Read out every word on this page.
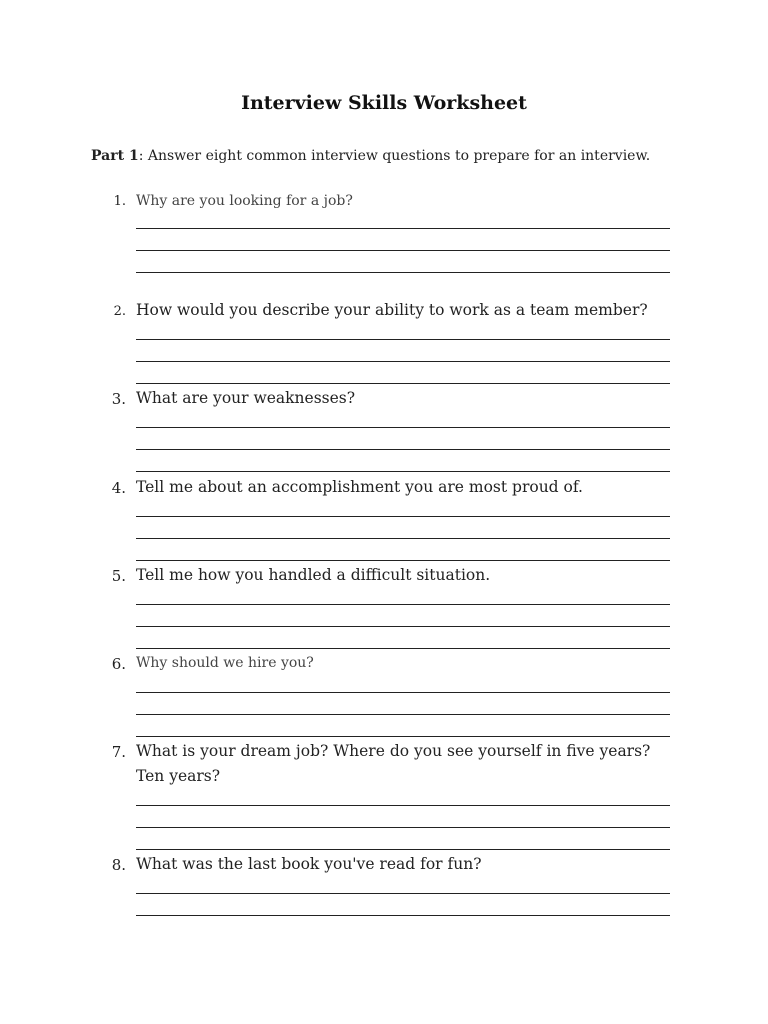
Interview Skills Worksheet
Part 1: Answer eight common interview questions to prepare for an interview.
1. Why are you looking for a job?
2. How would you describe your ability to work as a team member?
3. What are your weaknesses?
4. Tell me about an accomplishment you are most proud of.
5. Tell me how you handled a difficult situation.
6. Why should we hire you?
7. What is your dream job? Where do you see yourself in five years? Ten years?
8. What was the last book you've read for fun?
